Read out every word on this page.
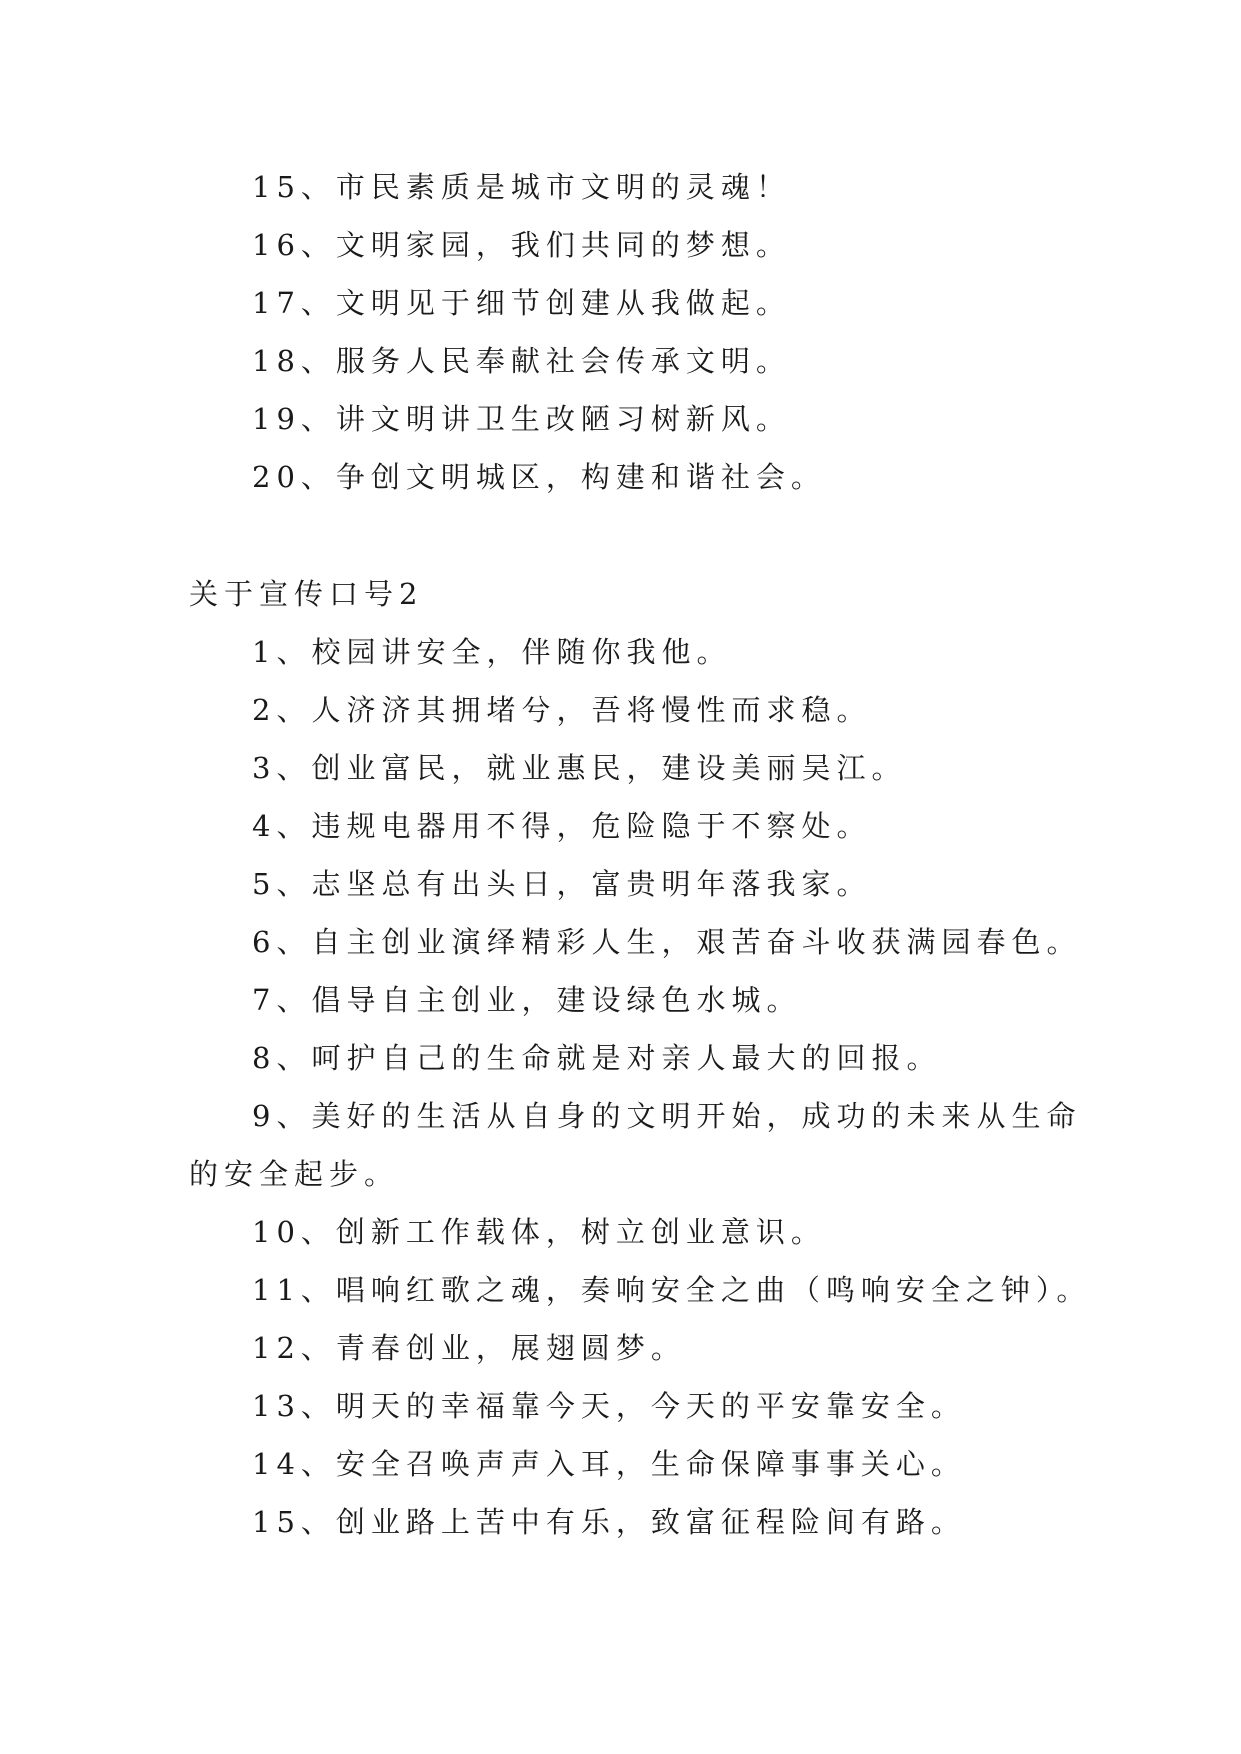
15、市民素质是城市文明的灵魂！
16、文明家园，我们共同的梦想。
17、文明见于细节创建从我做起。
18、服务人民奉献社会传承文明。
19、讲文明讲卫生改陋习树新风。
20、争创文明城区，构建和谐社会。
关于宣传口号2
1、校园讲安全，伴随你我他。
2、人济济其拥堵兮，吾将慢性而求稳。
3、创业富民，就业惠民，建设美丽吴江。
4、违规电器用不得，危险隐于不察处。
5、志坚总有出头日，富贵明年落我家。
6、自主创业演绎精彩人生，艰苦奋斗收获满园春色。
7、倡导自主创业，建设绿色水城。
8、呵护自己的生命就是对亲人最大的回报。
9、美好的生活从自身的文明开始，成功的未来从生命
的安全起步。
10、创新工作载体，树立创业意识。
11、唱响红歌之魂，奏响安全之曲（鸣响安全之钟）。
12、青春创业，展翅圆梦。
13、明天的幸福靠今天，今天的平安靠安全。
14、安全召唤声声入耳，生命保障事事关心。
15、创业路上苦中有乐，致富征程险间有路。
